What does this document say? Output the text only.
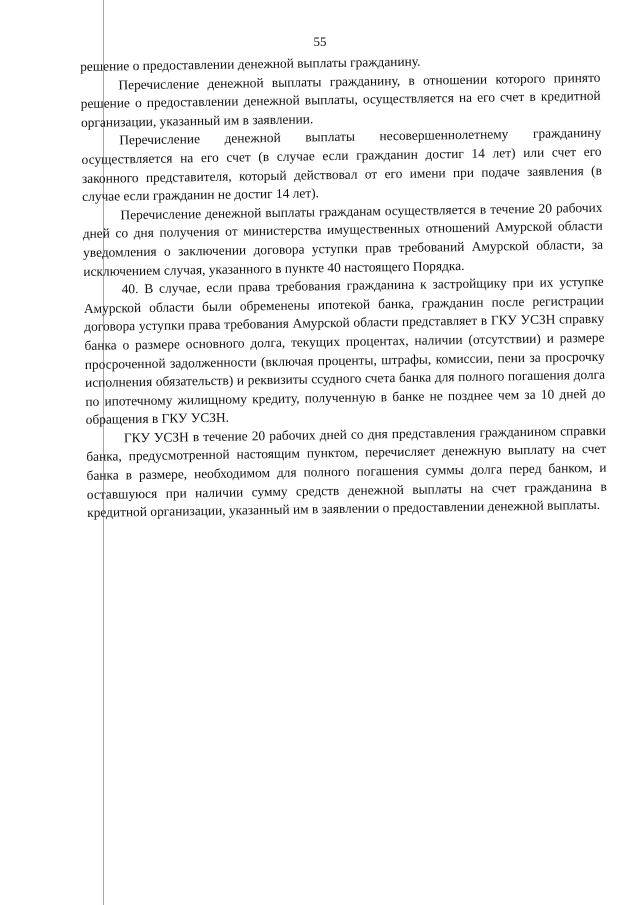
55

решение о предоставлении денежной выплаты гражданину.

Перечисление денежной выплаты гражданину, в отношении которого принято решение о предоставлении денежной выплаты, осуществляется на его счет в кредитной организации, указанный им в заявлении.

Перечисление денежной выплаты несовершеннолетнему гражданину осуществляется на его счет (в случае если гражданин достиг 14 лет) или счет его законного представителя, который действовал от его имени при подаче заявления (в случае если гражданин не достиг 14 лет).

Перечисление денежной выплаты гражданам осуществляется в течение 20 рабочих дней со дня получения от министерства имущественных отношений Амурской области уведомления о заключении договора уступки прав требований Амурской области, за исключением случая, указанного в пункте 40 настоящего Порядка.

40. В случае, если права требования гражданина к застройщику при их уступке Амурской области были обременены ипотекой банка, гражданин после регистрации договора уступки права требования Амурской области представляет в ГКУ УСЗН справку банка о размере основного долга, текущих процентах, наличии (отсутствии) и размере просроченной задолженности (включая проценты, штрафы, комиссии, пени за просрочку исполнения обязательств) и реквизиты ссудного счета банка для полного погашения долга по ипотечному жилищному кредиту, полученную в банке не позднее чем за 10 дней до обращения в ГКУ УСЗН.

ГКУ УСЗН в течение 20 рабочих дней со дня представления гражданином справки банка, предусмотренной настоящим пунктом, перечисляет денежную выплату на счет банка в размере, необходимом для полного погашения суммы долга перед банком, и оставшуюся при наличии сумму средств денежной выплаты на счет гражданина в кредитной организации, указанный им в заявлении о предоставлении денежной выплаты.
